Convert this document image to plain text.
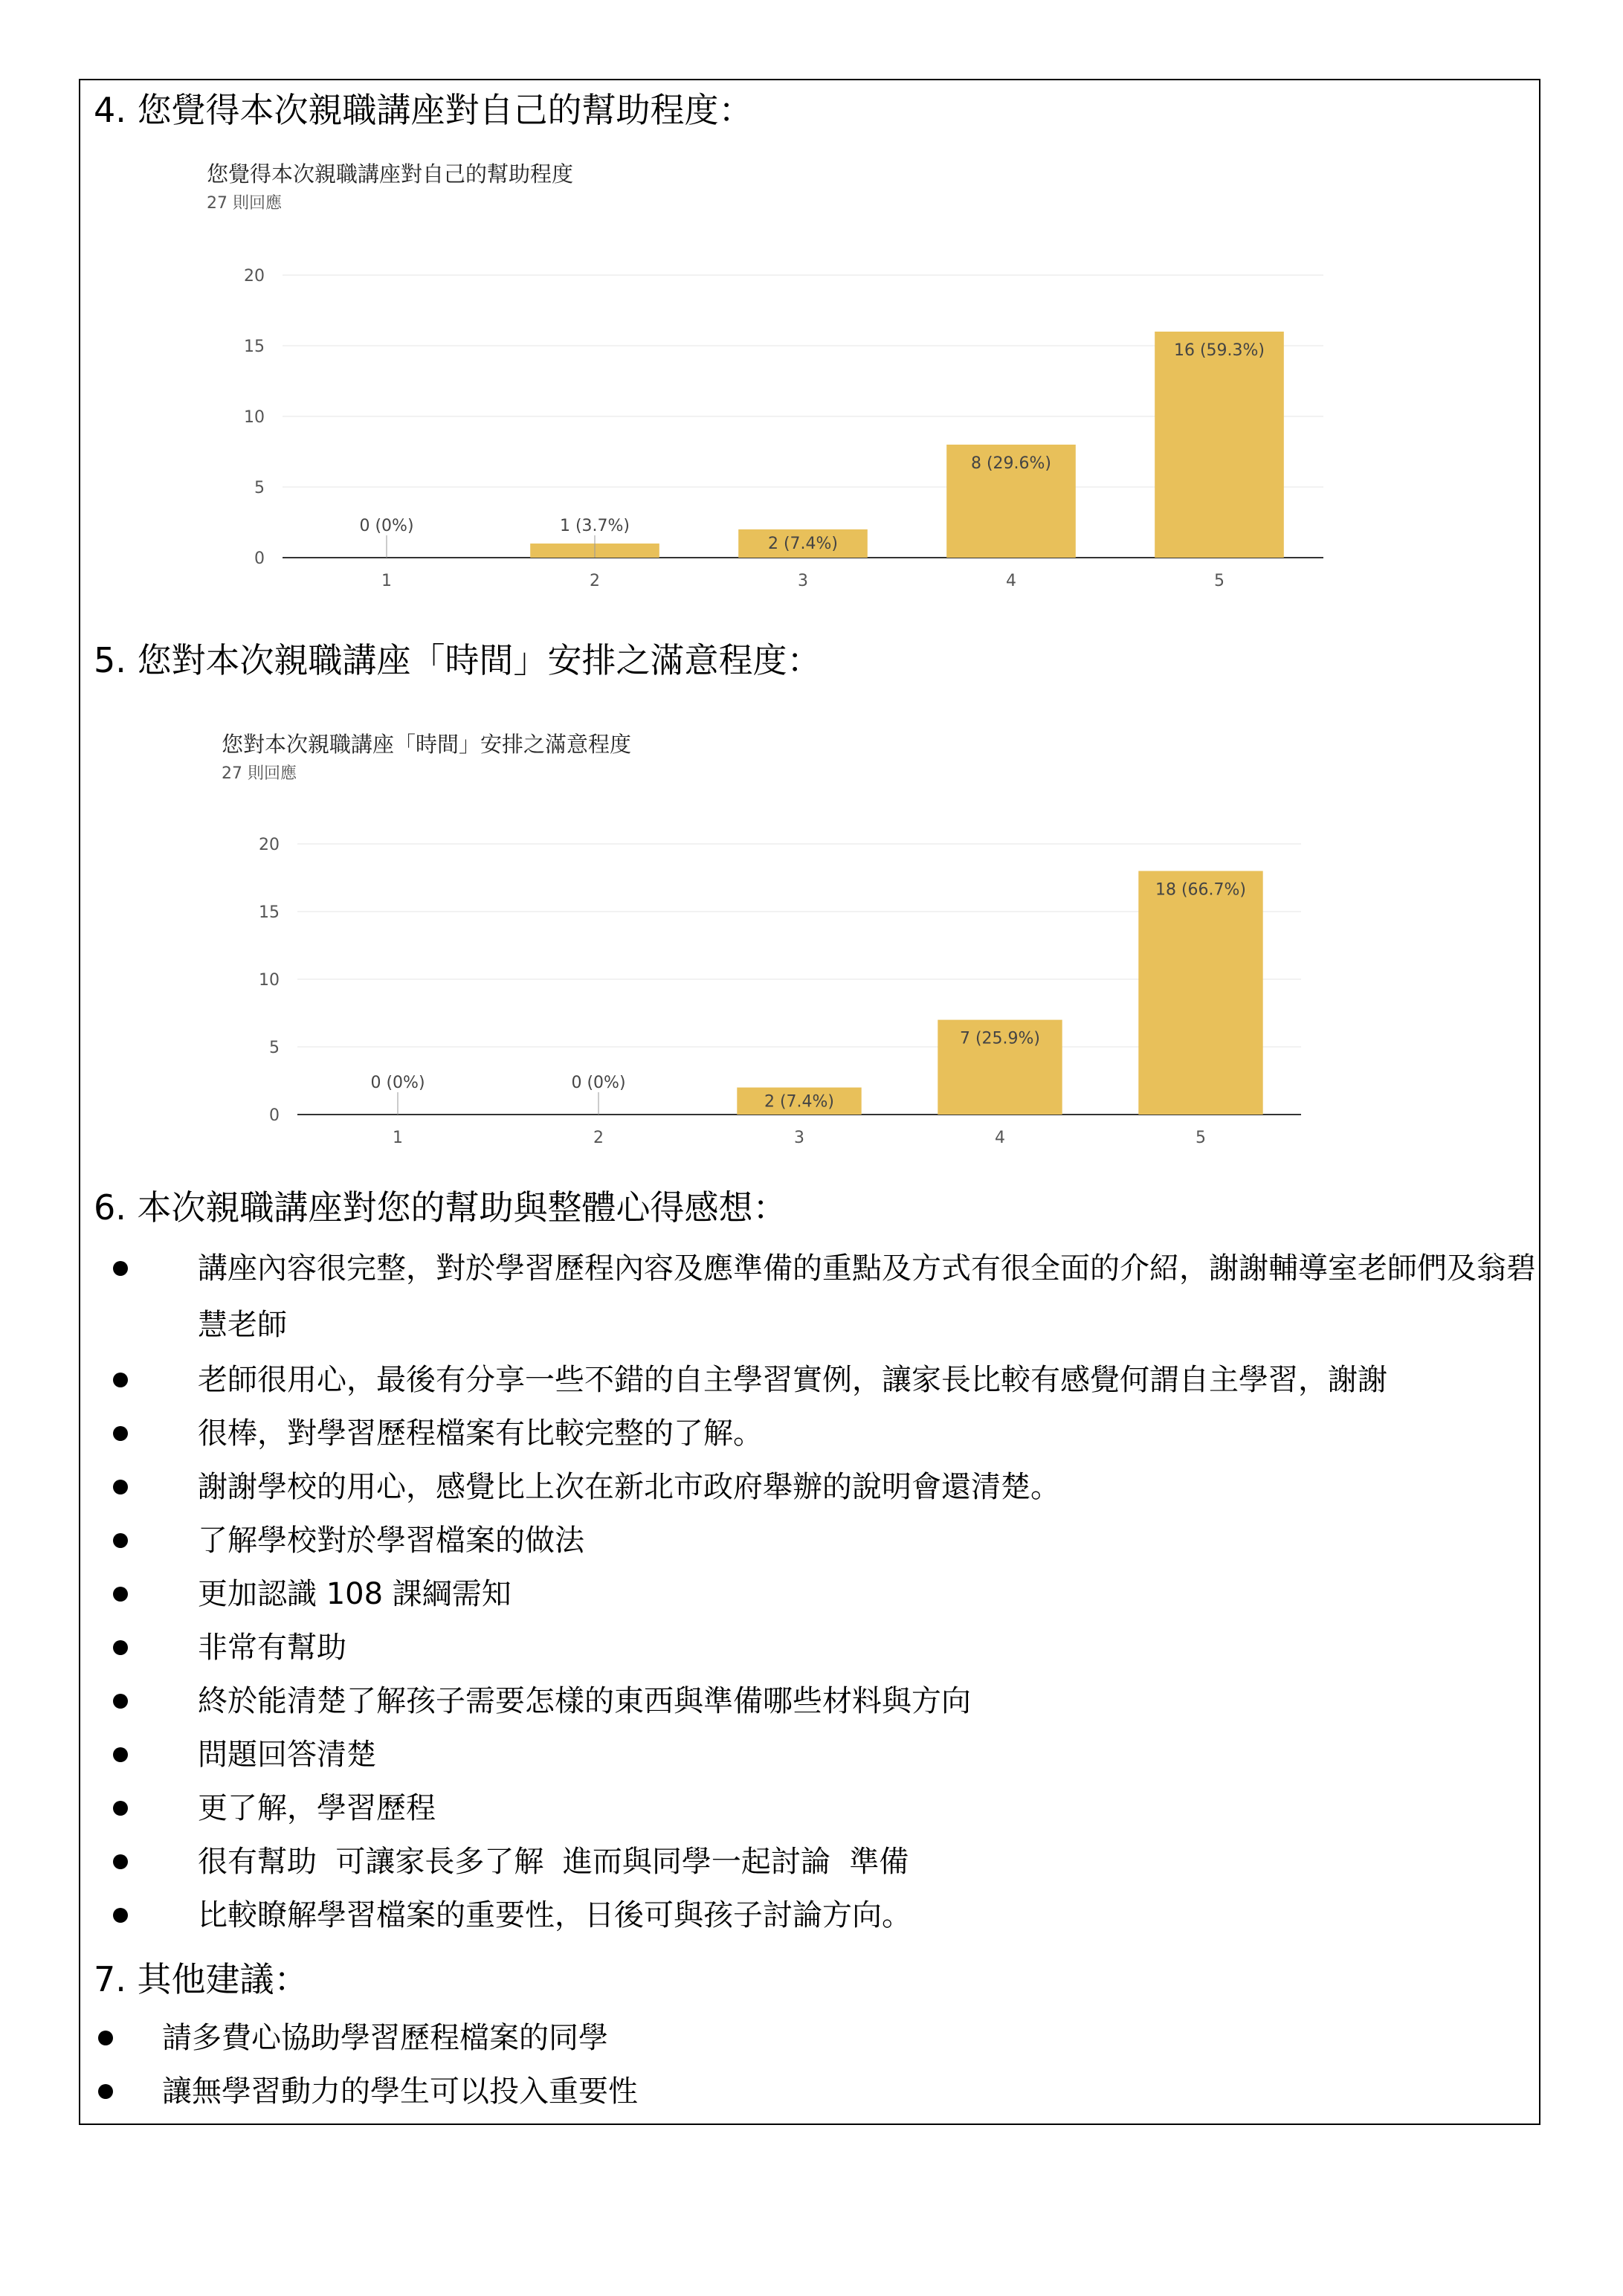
4. 您覺得本次親職講座對自己的幫助程度：
您覺得本次親職講座對自己的幫助程度
27 則回應
0
5
10
15
20
1
0 (0%)
2
1 (3.7%)
3
2 (7.4%)
4
8 (29.6%)
5
16 (59.3%)
5. 您對本次親職講座「時間」安排之滿意程度：
您對本次親職講座「時間」安排之滿意程度
27 則回應
0
5
10
15
20
1
0 (0%)
2
0 (0%)
3
2 (7.4%)
4
7 (25.9%)
5
18 (66.7%)
6. 本次親職講座對您的幫助與整體心得感想：
講座內容很完整，對於學習歷程內容及應準備的重點及方式有很全面的介紹，謝謝輔導室老師們及翁碧慧老師
老師很用心，最後有分享一些不錯的自主學習實例，讓家長比較有感覺何謂自主學習，謝謝
很棒，對學習歷程檔案有比較完整的了解。
謝謝學校的用心，感覺比上次在新北市政府舉辦的說明會還清楚。
了解學校對於學習檔案的做法
更加認識 108 課綱需知
非常有幫助
終於能清楚了解孩子需要怎樣的東西與準備哪些材料與方向
問題回答清楚
更了解，學習歷程
很有幫助  可讓家長多了解  進而與同學一起討論  準備
比較瞭解學習檔案的重要性，日後可與孩子討論方向。
7. 其他建議：
請多費心協助學習歷程檔案的同學
讓無學習動力的學生可以投入重要性
